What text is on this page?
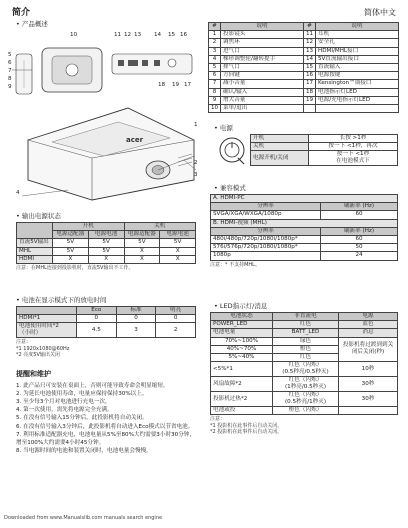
简介	简体中文
• 产品概述
acer
10	11 12 13 14 15 16
5
6
7
8
9	18 19 17
1
2
3
4
#	说明	#	说明
1	投影镜头	11	耳机
2	调焦环	12	安全孔
3	进气口	13	HDMI/MHL接口
4	梯形调整轮/翻转提手	14	5V直流输出接口
5	排气口	15	直流输入
6	方向键	16	电源按键
7	减小音量	17	Kensington™锁接口
8	确认/输入	18	电池指示灯LED
9	增大音量	19	电源/充电指示灯LED
10	菜单/退出		
• 电源
开机	长按 >1秒
关机	按一下 <1秒，再次
电源开机/关闭	按一下 <1秒
在电池模式下
• 兼容模式
A. HDMI-PC	
分辨率	刷新率 (Hz)
SVGA/XGA/WXGA/1080p	60
B. HDMI-视频 (MHL)	
分辨率	刷新率 (Hz)
480i/480p/720p/1080i/1080p*	60
576i/576p/720p/1080i/1080p*	50
1080p	24
注意：* 不支持MHL。
• 输出电源状态
	开机		关机	
	电源适配器	电源电池	电源适配器	电源电池
直流5V输出	5V	5V	5V	5V
MHL	5V	5V	X	X
HDMI	X	X	X	X
注意：在MHL连接到投影机时，直流5V输出不工作。
• 电池在显示模式下的放电时间
	Eco	标准	明亮
HDMI*1	0	0	0
电池使用时间*2
（小时）	4.5	3	2
注意：
*1 1920x1080@60Hz
*2 亮度5V输出关闭
提醒和维护
1. 此产品只可安装在桌面上，否则可能导致寿命会明显缩短。
2. 为延长电池使用寿命，电量应保持保持30%以上。
3. 至少每3个月对电池进行充电一次。
4. 第一次使用，需先将电源完全充满。
5. 在没有信号输入15分钟后，此投影机将自动关闭。
6. 在没有信号输入3分钟后，此投影机将自动进入Eco模式以节省电池。
7. 利用标准适配器充电，电池电量从5%至80%大约需要3小时30分钟，增至100%大约需要4小时45分钟。
8. 当电源时间的电池和装置关闭时，电池电量会慢慢。
• LED指示灯/消息
电池状态	非直流电	电源
POWER_LED	红色	蓝色
电池电量	BATT_LED	消息
70%~100%	绿色	投影机将过渡到到关闭后关闭(秒)
40%~70%	橙色	
5%~40%	红色	
<5%*1	红色（闪烁）
(0.5秒亮/0.5秒灭)	10秒
风扇故障*2	红色（闪烁）
(1秒亮/0.5秒灭)	30秒
投影机过热*2	红色（闪烁）
(0.5秒亮/1秒灭)	30秒
电池或投	橙色（闪烁）	
注意：
*1 投影机在此事件后自动关闭。
*2 投影机在此事件后自动关闭。
Downloaded from www.Manualslib.com manuals search engine
